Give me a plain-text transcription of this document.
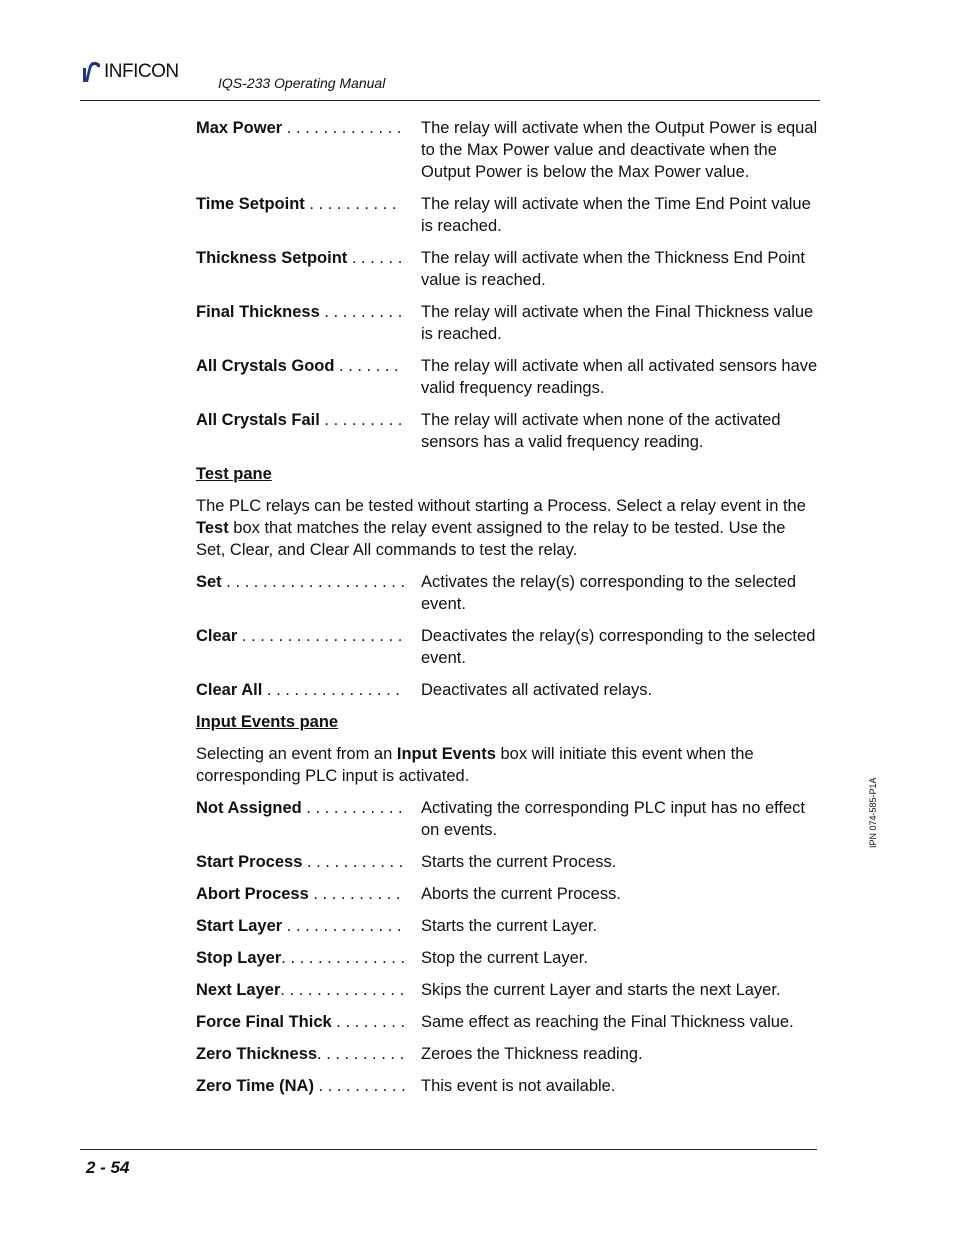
INFICON
IQS-233 Operating Manual
Max Power . . . . . . . . . . . . .	The relay will activate when the Output Power is equal to the Max Power value and deactivate when the Output Power is below the Max Power value.
Time Setpoint . . . . . . . . . .	The relay will activate when the Time End Point value is reached.
Thickness Setpoint . . . . . .	The relay will activate when the Thickness End Point value is reached.
Final Thickness . . . . . . . . .	The relay will activate when the Final Thickness value is reached.
All Crystals Good . . . . . . .	The relay will activate when all activated sensors have valid frequency readings.
All Crystals Fail . . . . . . . . .	The relay will activate when none of the activated sensors has a valid frequency reading.
Test pane
The PLC relays can be tested without starting a Process. Select a relay event in the Test box that matches the relay event assigned to the relay to be tested. Use the Set, Clear, and Clear All commands to test the relay.
Set . . . . . . . . . . . . . . . . . . . . Activates the relay(s) corresponding to the selected event.
Clear . . . . . . . . . . . . . . . . . .	Deactivates the relay(s) corresponding to the selected event.
Clear All . . . . . . . . . . . . . . .	Deactivates all activated relays.
Input Events pane
Selecting an event from an Input Events box will initiate this event when the corresponding PLC input is activated.
Not Assigned . . . . . . . . . . .	Activating the corresponding PLC input has no effect on events.
Start Process . . . . . . . . . . .	Starts the current Process.
Abort Process . . . . . . . . . .	Aborts the current Process.
Start Layer . . . . . . . . . . . . .	Starts the current Layer.
Stop Layer. . . . . . . . . . . . . . Stop the current Layer.
Next Layer. . . . . . . . . . . . . .	Skips the current Layer and starts the next Layer.
Force Final Thick . . . . . . . . Same effect as reaching the Final Thickness value.
Zero Thickness. . . . . . . . . .	Zeroes the Thickness reading.
Zero Time (NA) . . . . . . . . . . This event is not available.
IPN 074-585-P1A
2 - 54
